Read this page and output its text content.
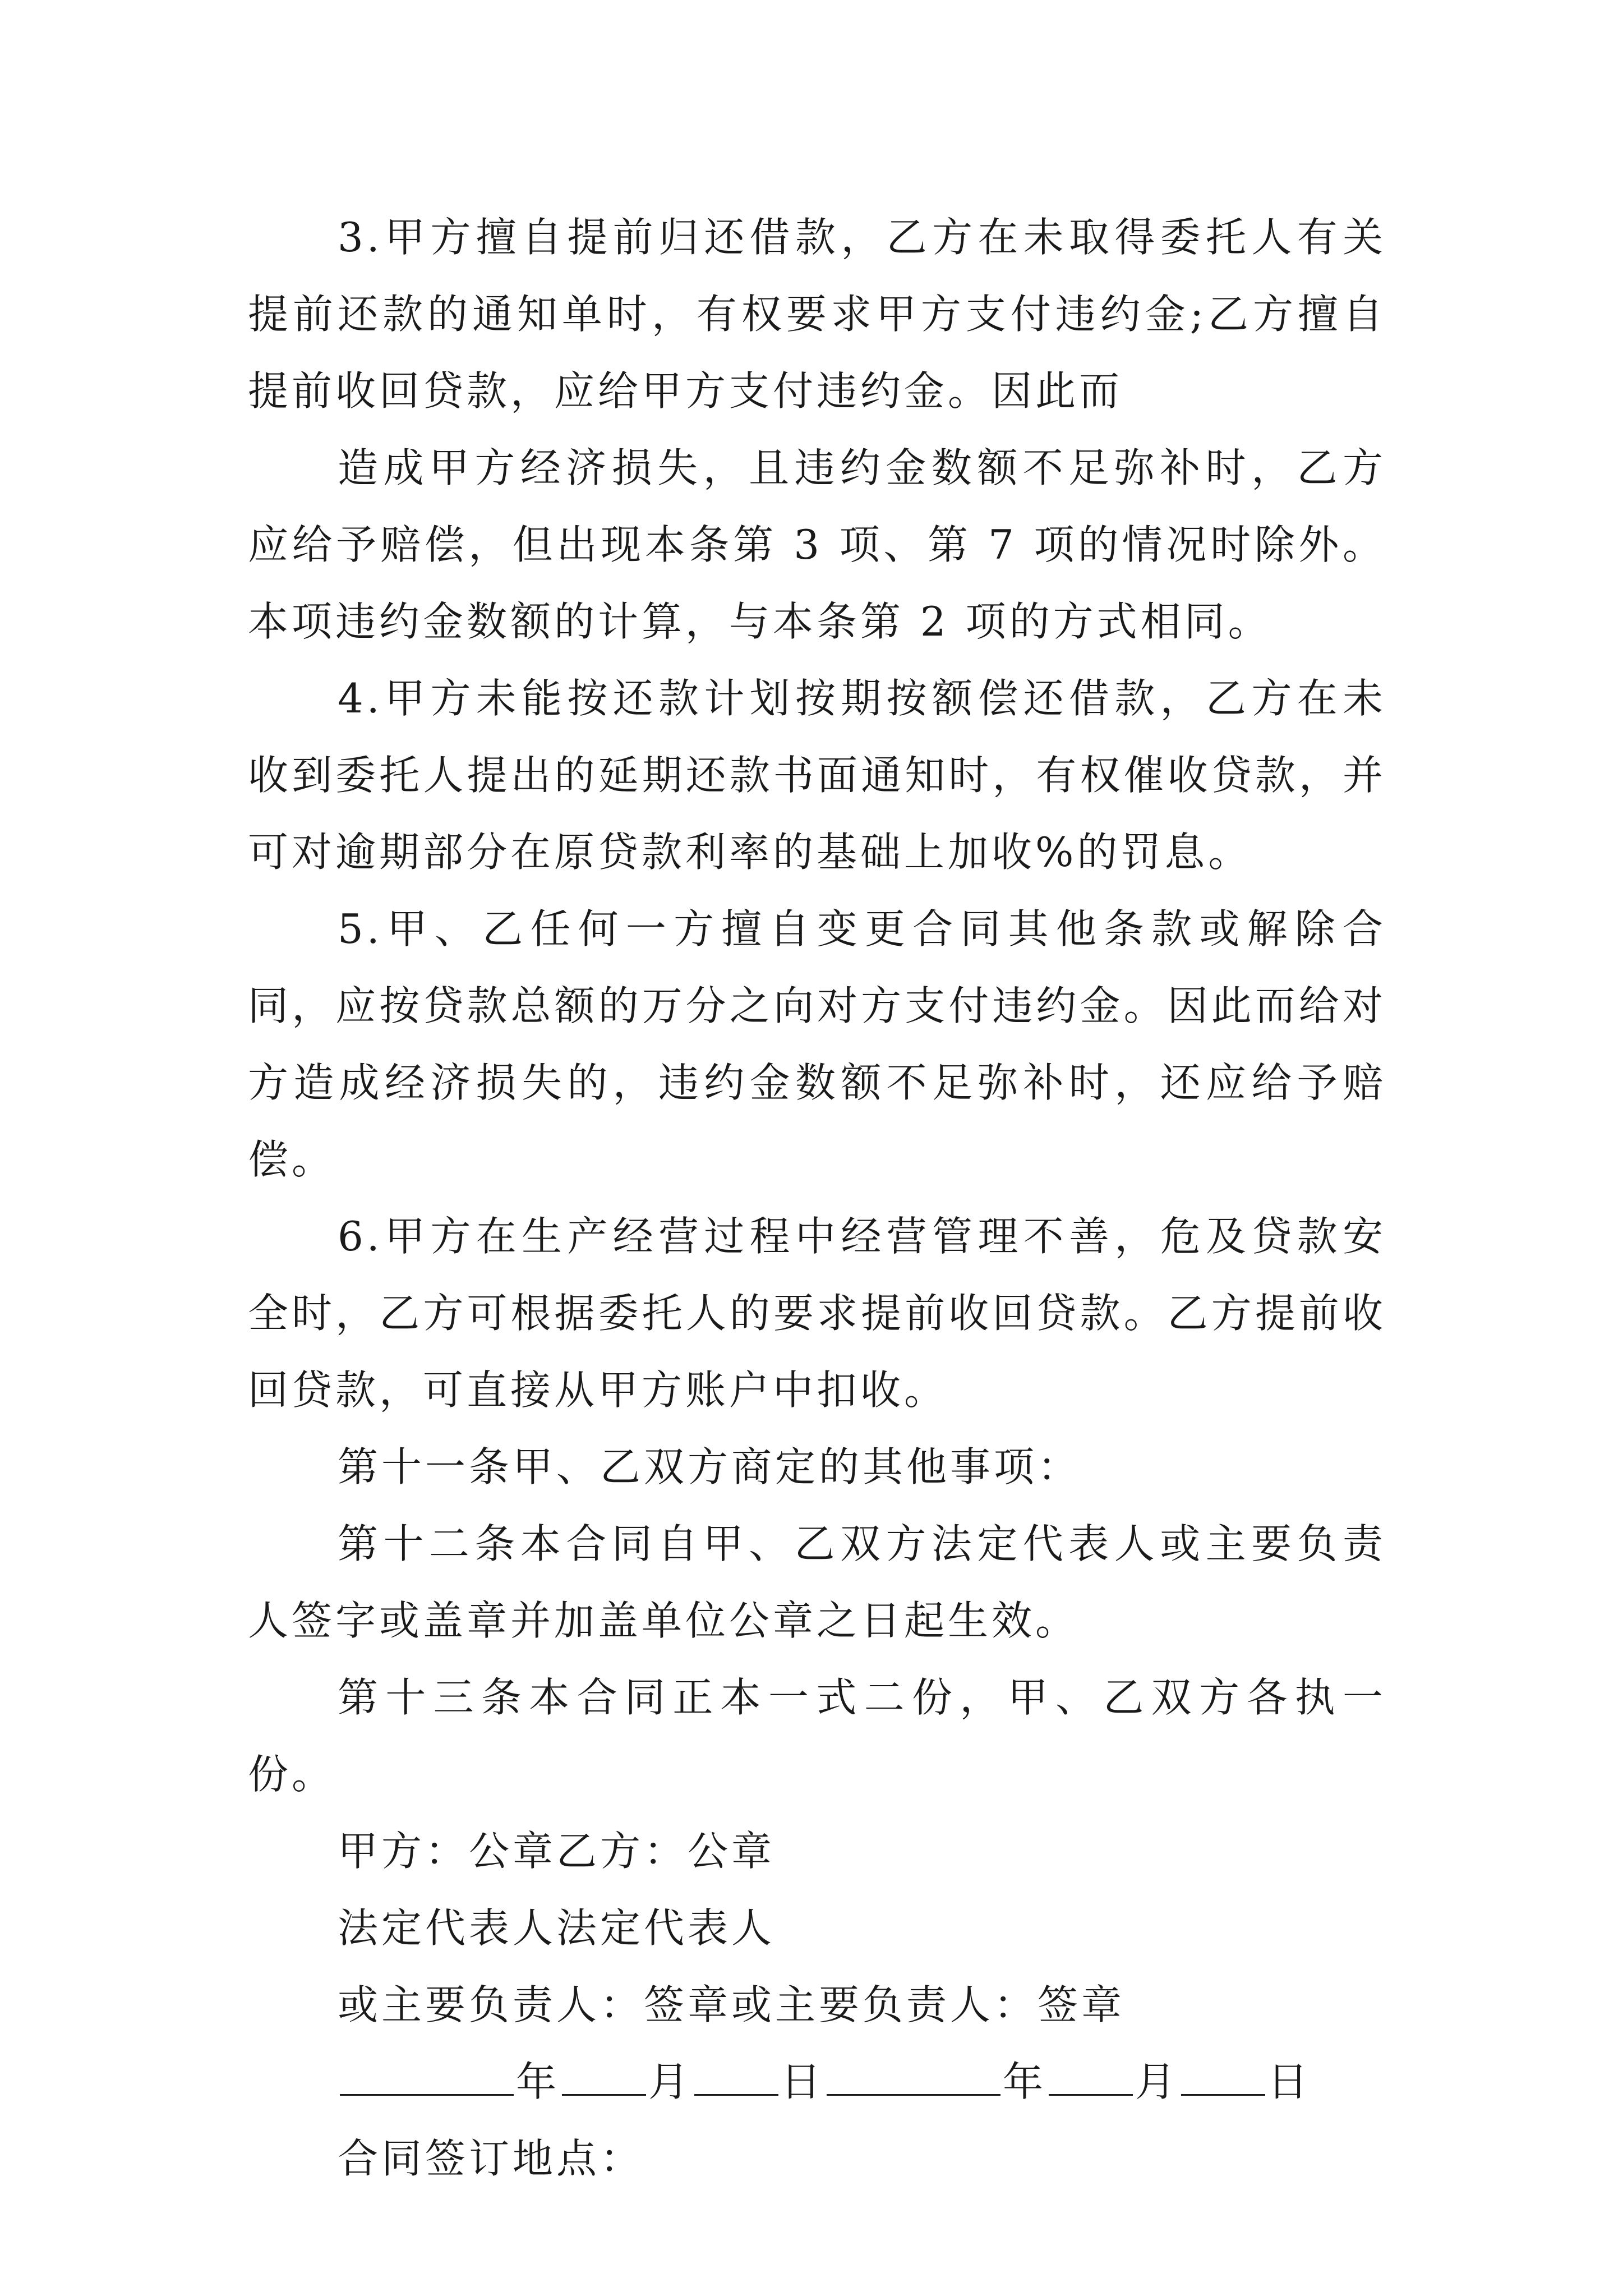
3.甲方擅自提前归还借款，乙方在未取得委托人有关提前还款的通知单时，有权要求甲方支付违约金;乙方擅自提前收回贷款，应给甲方支付违约金。因此而

造成甲方经济损失，且违约金数额不足弥补时，乙方应给予赔偿，但出现本条第 3 项、第 7 项的情况时除外。本项违约金数额的计算，与本条第 2 项的方式相同。

4.甲方未能按还款计划按期按额偿还借款，乙方在未收到委托人提出的延期还款书面通知时，有权催收贷款，并可对逾期部分在原贷款利率的基础上加收%的罚息。

5.甲、乙任何一方擅自变更合同其他条款或解除合同，应按贷款总额的万分之向对方支付违约金。因此而给对方造成经济损失的，违约金数额不足弥补时，还应给予赔偿。

6.甲方在生产经营过程中经营管理不善，危及贷款安全时，乙方可根据委托人的要求提前收回贷款。乙方提前收回贷款，可直接从甲方账户中扣收。

第十一条甲、乙双方商定的其他事项：

第十二条本合同自甲、乙双方法定代表人或主要负责人签字或盖章并加盖单位公章之日起生效。

第十三条本合同正本一式二份，甲、乙双方各执一份。

甲方：公章乙方：公章

法定代表人法定代表人

或主要负责人：签章或主要负责人：签章

年 月 日	年 月 日

合同签订地点：
